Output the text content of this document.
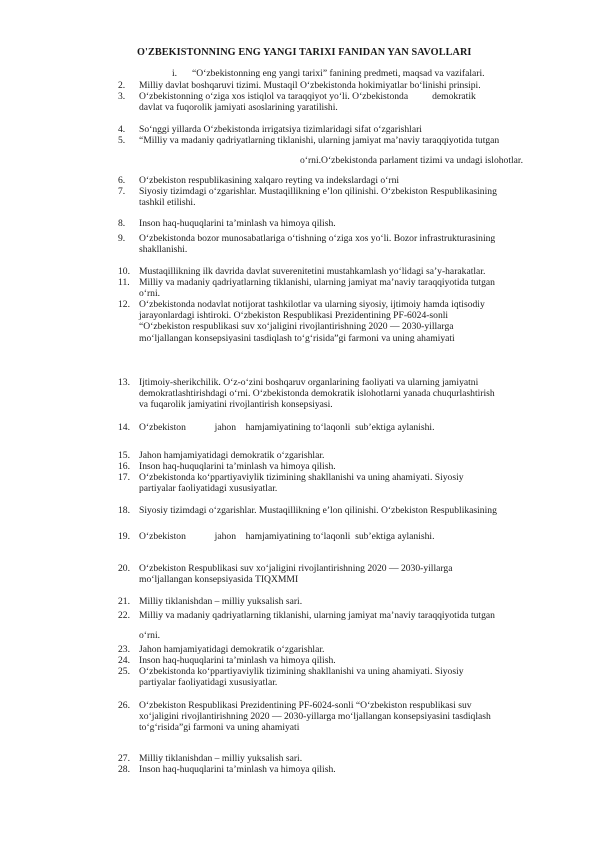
O'ZBEKISTONNING ENG YANGI TARIXI FANIDAN YAN SAVOLLARI
i. “O‘zbekistonning eng yangi tarixi” fanining predmeti, maqsad va vazifalari.
2. Milliy davlat boshqaruvi tizimi. Mustaqil O‘zbekistonda hokimiyatlar bo‘linishi prinsipi.
3. O‘zbekistonning o‘ziga xos istiqlol va taraqqiyot yo‘li. O‘zbekistonda          demokratik
davlat va fuqorolik jamiyati asoslarining yaratilishi.
4. So‘nggi yillarda O‘zbekistonda irrigatsiya tizimlaridagi sifat o‘zgarishlari
5. “Milliy va madaniy qadriyatlarning tiklanishi, ularning jamiyat ma’naviy taraqqiyotida tutgan
6. O‘zbekiston respublikasining xalqaro reyting va indekslardagi o‘rni
7. Siyosiy tizimdagi o‘zgarishlar. Mustaqillikning e’lon qilinishi. O‘zbekiston Respublikasining
tashkil etilishi.
8. Inson haq-huquqlarini ta’minlash va himoya qilish.
9. O‘zbekistonda bozor munosabatlariga o‘tishning o‘ziga xos yo‘li. Bozor infrastrukturasining
shakllanishi.
10. Mustaqillikning ilk davrida davlat suverenitetini mustahkamlash yo‘lidagi sa’y-harakatlar.
11. Milliy va madaniy qadriyatlarning tiklanishi, ularning jamiyat ma’naviy taraqqiyotida tutgan
o‘rni.
12. O‘zbekistonda nodavlat notijorat tashkilotlar va ularning siyosiy, ijtimoiy hamda iqtisodiy
jarayonlardagi ishtiroki. O‘zbekiston Respublikasi Prezidentining PF-6024-sonli
“O‘zbekiston respublikasi suv xo‘jaligini rivojlantirishning 2020 — 2030-yillarga
mo‘ljallangan konsepsiyasini tasdiqlash to‘g‘risida”gi farmoni va uning ahamiyati
13. Ijtimoiy-sherikchilik. O‘z-o‘zini boshqaruv organlarining faoliyati va ularning jamiyatni
demokratlashtirishdagi o‘rni. O‘zbekistonda demokratik islohotlarni yanada chuqurlashtirish
va fuqarolik jamiyatini rivojlantirish konsepsiyasi.
14. O‘zbekiston            jahon    hamjamiyatining to‘laqonli  sub’ektiga aylanishi.
15. Jahon hamjamiyatidagi demokratik o‘zgarishlar.
16. Inson haq-huquqlarini ta’minlash va himoya qilish.
17. O‘zbekistonda ko‘ppartiyaviylik tizimining shakllanishi va uning ahamiyati. Siyosiy
partiyalar faoliyatidagi xususiyatlar.
18. Siyosiy tizimdagi o‘zgarishlar. Mustaqillikning e’lon qilinishi. O‘zbekiston Respublikasining
19. O‘zbekiston            jahon    hamjamiyatining to‘laqonli  sub’ektiga aylanishi.
20. O‘zbekiston Respublikasi suv xo‘jaligini rivojlantirishning 2020 — 2030-yillarga
mo‘ljallangan konsepsiyasida TIQXMMI
21. Milliy tiklanishdan – milliy yuksalish sari.
22. Milliy va madaniy qadriyatlarning tiklanishi, ularning jamiyat ma’naviy taraqqiyotida tutgan
23. Jahon hamjamiyatidagi demokratik o‘zgarishlar.
24. Inson haq-huquqlarini ta’minlash va himoya qilish.
25. O‘zbekistonda ko‘ppartiyaviylik tizimining shakllanishi va uning ahamiyati. Siyosiy
partiyalar faoliyatidagi xususiyatlar.
26. O‘zbekiston Respublikasi Prezidentining PF-6024-sonli “O‘zbekiston respublikasi suv
xo‘jaligini rivojlantirishning 2020 — 2030-yillarga mo‘ljallangan konsepsiyasini tasdiqlash
to‘g‘risida”gi farmoni va uning ahamiyati
27. Milliy tiklanishdan – milliy yuksalish sari.
28. Inson haq-huquqlarini ta’minlash va himoya qilish.
o‘rni.O‘zbekistonda parlament tizimi va undagi islohotlar.
o‘rni.
